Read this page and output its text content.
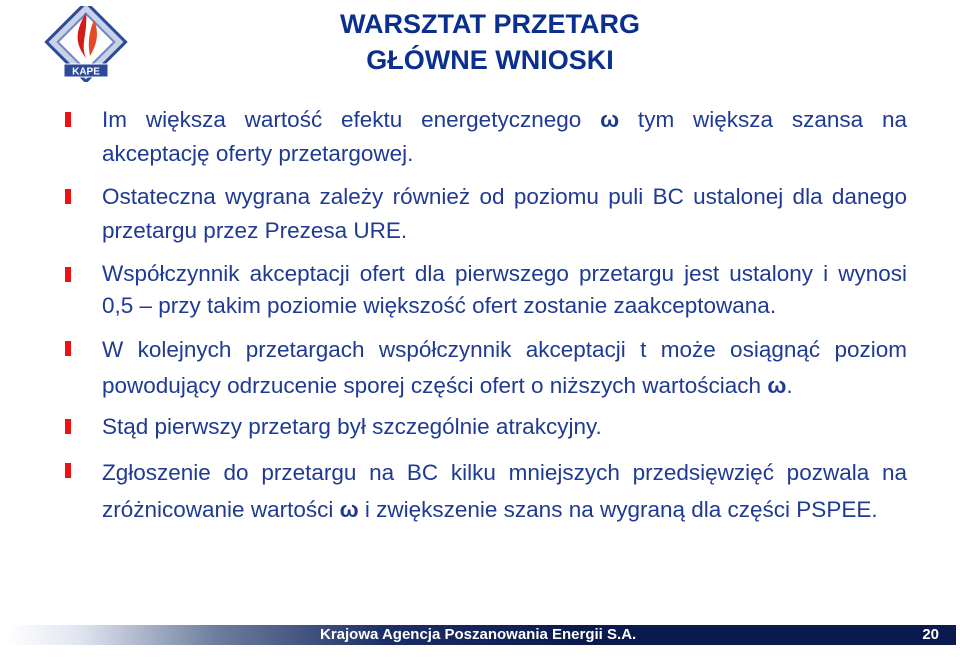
KAPE
WARSZTAT PRZETARG
GŁÓWNE WNIOSKI
Im większa wartość efektu energetycznego ω tym większa szansa na akceptację oferty przetargowej.
Ostateczna wygrana zależy również od poziomu puli BC ustalonej dla danego przetargu przez Prezesa URE.
Współczynnik akceptacji ofert dla pierwszego przetargu jest ustalony i wynosi 0,5 – przy takim poziomie większość ofert zostanie zaakceptowana.
W kolejnych przetargach współczynnik akceptacji t może osiągnąć poziom powodujący odrzucenie sporej części ofert o niższych wartościach ω.
Stąd pierwszy przetarg był szczególnie atrakcyjny.
Zgłoszenie do przetargu na BC kilku mniejszych przedsięwzięć pozwala na zróżnicowanie wartości ω i zwiększenie szans na wygraną dla części PSPEE.
Krajowa Agencja Poszanowania Energii S.A.	20
